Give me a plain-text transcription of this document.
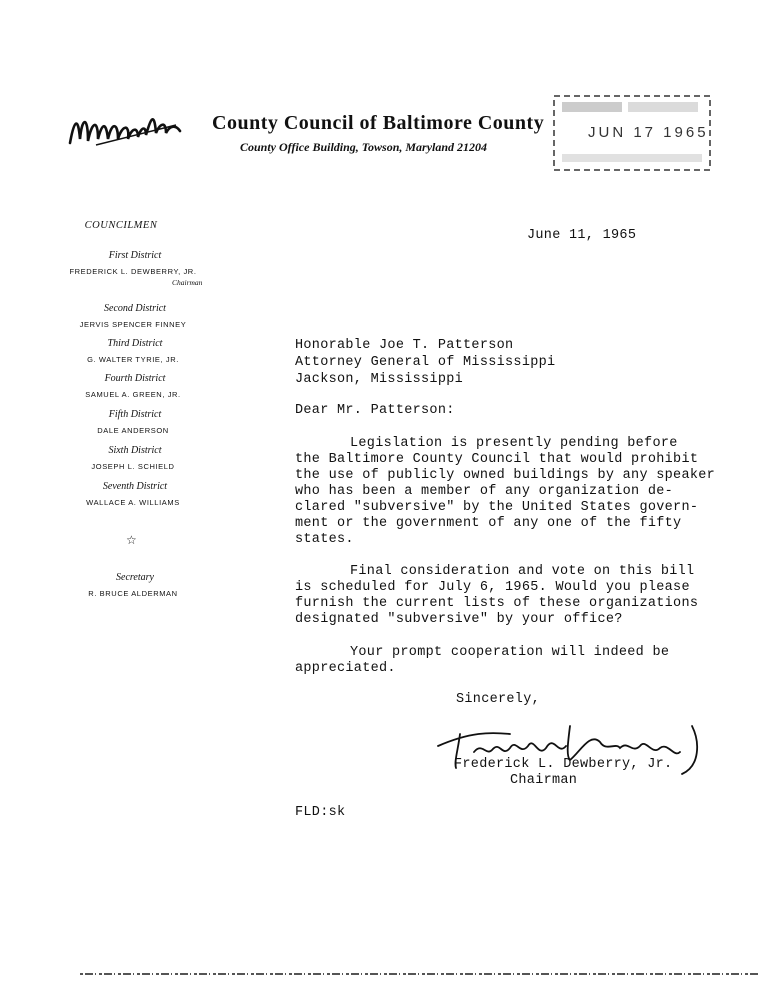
County Council of Baltimore County
County Office Building, Towson, Maryland 21204
JUN 17 1965
COUNCILMEN
First District
FREDERICK L. DEWBERRY, JR.
Chairman
Second District
JERVIS SPENCER FINNEY
Third District
G. WALTER TYRIE, JR.
Fourth District
SAMUEL A. GREEN, JR.
Fifth District
DALE ANDERSON
Sixth District
JOSEPH L. SCHIELD
Seventh District
WALLACE A. WILLIAMS
☆
Secretary
R. BRUCE ALDERMAN
June 11, 1965
Honorable Joe T. Patterson
Attorney General of Mississippi
Jackson, Mississippi
Dear Mr. Patterson:
Legislation is presently pending before
the Baltimore County Council that would prohibit
the use of publicly owned buildings by any speaker
who has been a member of any organization de-
clared "subversive" by the United States govern-
ment or the government of any one of the fifty
states.
Final consideration and vote on this bill
is scheduled for July 6, 1965. Would you please
furnish the current lists of these organizations
designated "subversive" by your office?
Your prompt cooperation will indeed be
appreciated.
Sincerely,
Frederick L. Dewberry, Jr.
Chairman
FLD:sk
